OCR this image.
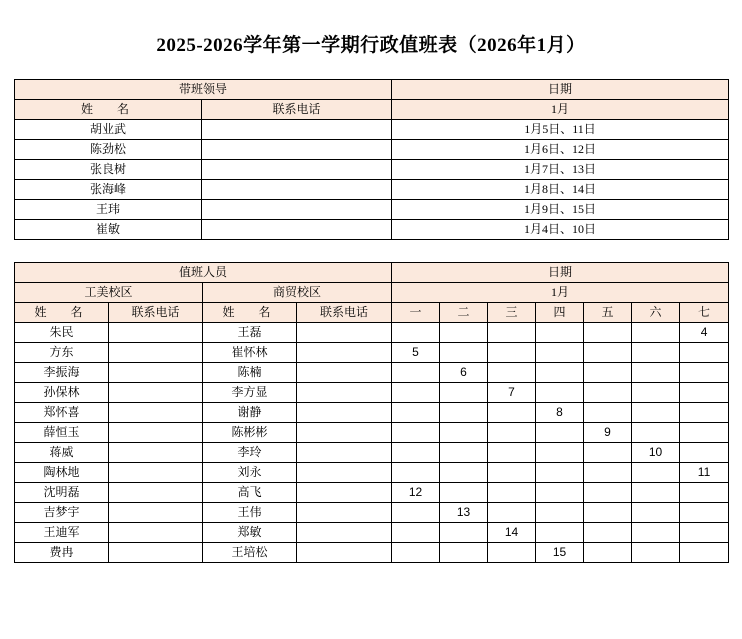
2025-2026学年第一学期行政值班表（2026年1月）
带班领导		日期
姓　名	联系电话	1月
胡业武		1月5日、11日
陈劲松		1月6日、12日
张良树		1月7日、13日
张海峰		1月8日、14日
王玮		1月9日、15日
崔敏		1月4日、10日
值班人员				日期						
工美校区		商贸校区		1月						
姓　名	联系电话	姓　名	联系电话	一	二	三	四	五	六	七
朱民		王磊								4
方东		崔怀林		5						
李振海		陈楠			6					
孙保林		李方显				7				
郑怀喜		谢静					8			
薛恒玉		陈彬彬						9		
蒋威		李玲							10	
陶林地		刘永								11
沈明磊		高飞		12						
吉梦宇		王伟			13					
王迪军		郑敏				14				
费冉		王培松					15			
